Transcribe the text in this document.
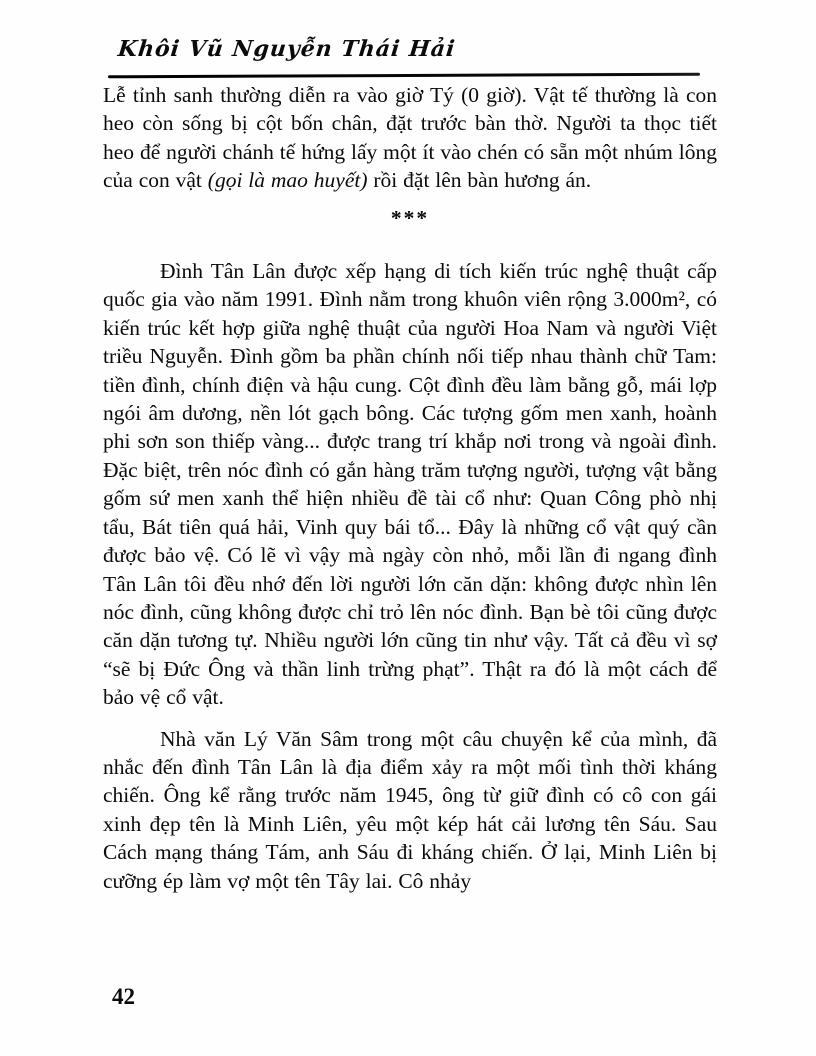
Khôi Vũ Nguyễn Thái Hải

Lễ tỉnh sanh thường diễn ra vào giờ Tý (0 giờ). Vật tế thường là con heo còn sống bị cột bốn chân, đặt trước bàn thờ. Người ta thọc tiết heo để người chánh tế hứng lấy một ít vào chén có sẵn một nhúm lông của con vật (gọi là mao huyết) rồi đặt lên bàn hương án.

***

Đình Tân Lân được xếp hạng di tích kiến trúc nghệ thuật cấp quốc gia vào năm 1991. Đình nằm trong khuôn viên rộng 3.000m², có kiến trúc kết hợp giữa nghệ thuật của người Hoa Nam và người Việt triều Nguyễn. Đình gồm ba phần chính nối tiếp nhau thành chữ Tam: tiền đình, chính điện và hậu cung. Cột đình đều làm bằng gỗ, mái lợp ngói âm dương, nền lót gạch bông. Các tượng gốm men xanh, hoành phi sơn son thiếp vàng... được trang trí khắp nơi trong và ngoài đình. Đặc biệt, trên nóc đình có gắn hàng trăm tượng người, tượng vật bằng gốm sứ men xanh thể hiện nhiều đề tài cổ như: Quan Công phò nhị tẩu, Bát tiên quá hải, Vinh quy bái tổ... Đây là những cổ vật quý cần được bảo vệ. Có lẽ vì vậy mà ngày còn nhỏ, mỗi lần đi ngang đình Tân Lân tôi đều nhớ đến lời người lớn căn dặn: không được nhìn lên nóc đình, cũng không được chỉ trỏ lên nóc đình. Bạn bè tôi cũng được căn dặn tương tự. Nhiều người lớn cũng tin như vậy. Tất cả đều vì sợ “sẽ bị Đức Ông và thần linh trừng phạt”. Thật ra đó là một cách để bảo vệ cổ vật.

Nhà văn Lý Văn Sâm trong một câu chuyện kể của mình, đã nhắc đến đình Tân Lân là địa điểm xảy ra một mối tình thời kháng chiến. Ông kể rằng trước năm 1945, ông từ giữ đình có cô con gái xinh đẹp tên là Minh Liên, yêu một kép hát cải lương tên Sáu. Sau Cách mạng tháng Tám, anh Sáu đi kháng chiến. Ở lại, Minh Liên bị cưỡng ép làm vợ một tên Tây lai. Cô nhảy

42
